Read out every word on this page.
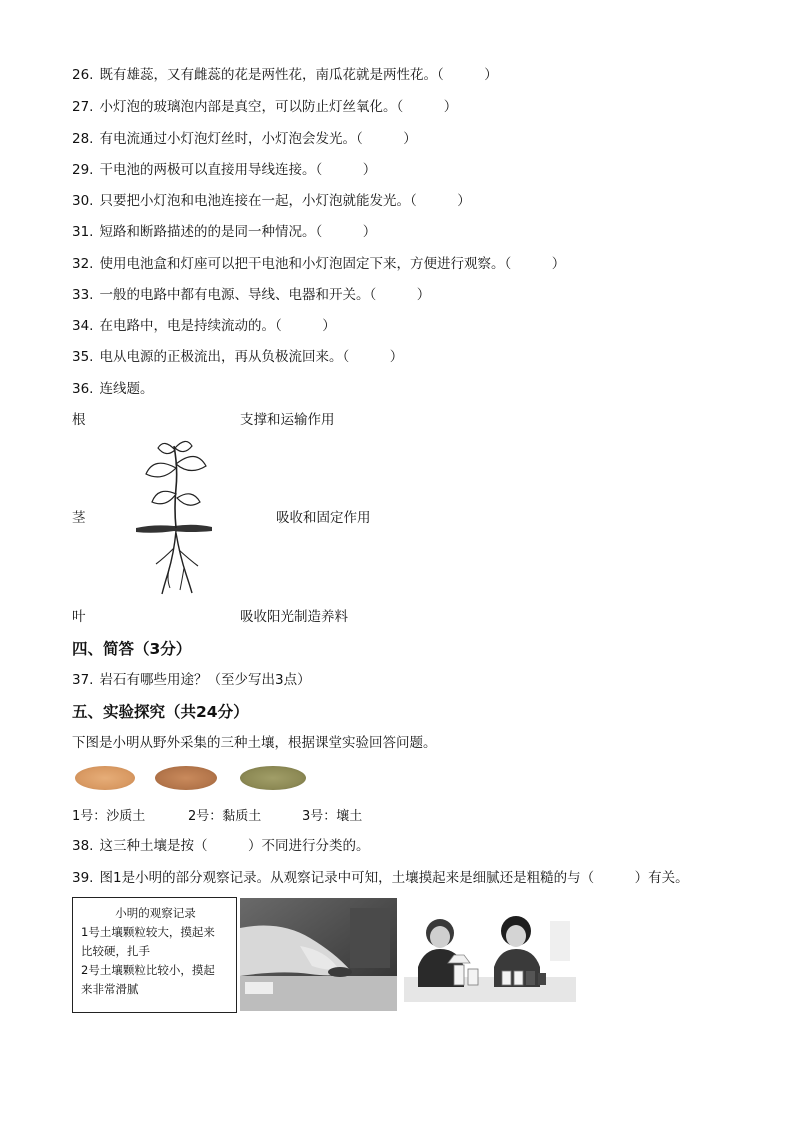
26. 既有雄蕊，又有雌蕊的花是两性花，南瓜花就是两性花。（　　　）
27. 小灯泡的玻璃泡内部是真空，可以防止灯丝氧化。（　　　）
28. 有电流通过小灯泡灯丝时，小灯泡会发光。（　　　）
29. 干电池的两极可以直接用导线连接。（　　　）
30. 只要把小灯泡和电池连接在一起，小灯泡就能发光。（　　　）
31. 短路和断路描述的的是同一种情况。（　　　）
32. 使用电池盒和灯座可以把干电池和小灯泡固定下来，方便进行观察。（　　　）
33. 一般的电路中都有电源、导线、电器和开关。（　　　）
34. 在电路中，电是持续流动的。（　　　）
35. 电从电源的正极流出，再从负极流回来。（　　　）
36. 连线题。
根
茎
叶
支撑和运输作用
吸收和固定作用
吸收阳光制造养料
四、简答（3分）
37. 岩石有哪些用途？（至少写出3点）
五、实验探究（共24分）
下图是小明从野外采集的三种土壤，根据课堂实验回答问题。
1号：沙质土	2号：黏质土	3号：壤土
38. 这三种土壤是按（　　　）不同进行分类的。
39. 图1是小明的部分观察记录。从观察记录中可知，土壤摸起来是细腻还是粗糙的与（　　　）有关。
小明的观察记录
1号土壤颗粒较大，摸起来
比较硬，扎手
2号土壤颗粒比较小，摸起
来非常滑腻
